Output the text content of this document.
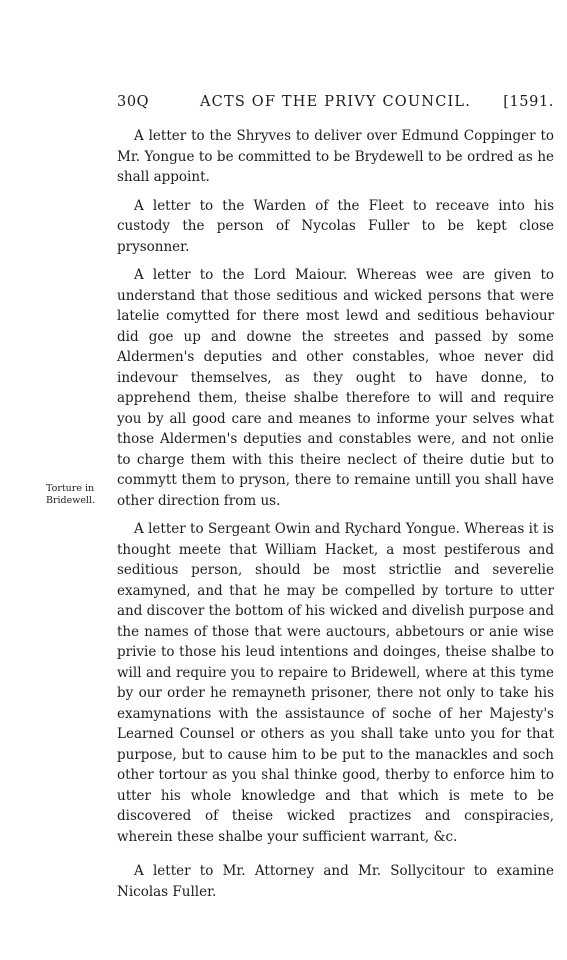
30Q	ACTS OF THE PRIVY COUNCIL. [1591.
Torture in
Bridewell.

A letter to the Shryves to deliver over Edmund Coppinger to Mr. Yongue to be committed to be Brydewell to be ordred as he shall appoint.

A letter to the Warden of the Fleet to receave into his custody the person of Nycolas Fuller to be kept close prysonner.

A letter to the Lord Maiour. Whereas wee are given to understand that those seditious and wicked persons that were latelie comytted for there most lewd and seditious behaviour did goe up and downe the streetes and passed by some Aldermen's deputies and other constables, whoe never did indevour themselves, as they ought to have donne, to apprehend them, theise shalbe therefore to will and require you by all good care and meanes to informe your selves what those Aldermen's deputies and constables were, and not onlie to charge them with this theire neclect of theire dutie but to commytt them to pryson, there to remaine untill you shall have other direction from us.

A letter to Sergeant Owin and Rychard Yongue. Whereas it is thought meete that William Hacket, a most pestiferous and seditious person, should be most strictlie and severelie examyned, and that he may be compelled by torture to utter and discover the bottom of his wicked and divelish purpose and the names of those that were auctours, abbetours or anie wise privie to those his leud intentions and doinges, theise shalbe to will and require you to repaire to Bridewell, where at this tyme by our order he remayneth prisoner, there not only to take his examynations with the assistaunce of soche of her Majesty's Learned Counsel or others as you shall take unto you for that purpose, but to cause him to be put to the manackles and soch other tortour as you shal thinke good, therby to enforce him to utter his whole knowledge and that which is mete to be discovered of theise wicked practizes and conspiracies, wherein these shalbe your sufficient warrant, &c.

A letter to Mr. Attorney and Mr. Sollycitour to examine Nicolas Fuller.
